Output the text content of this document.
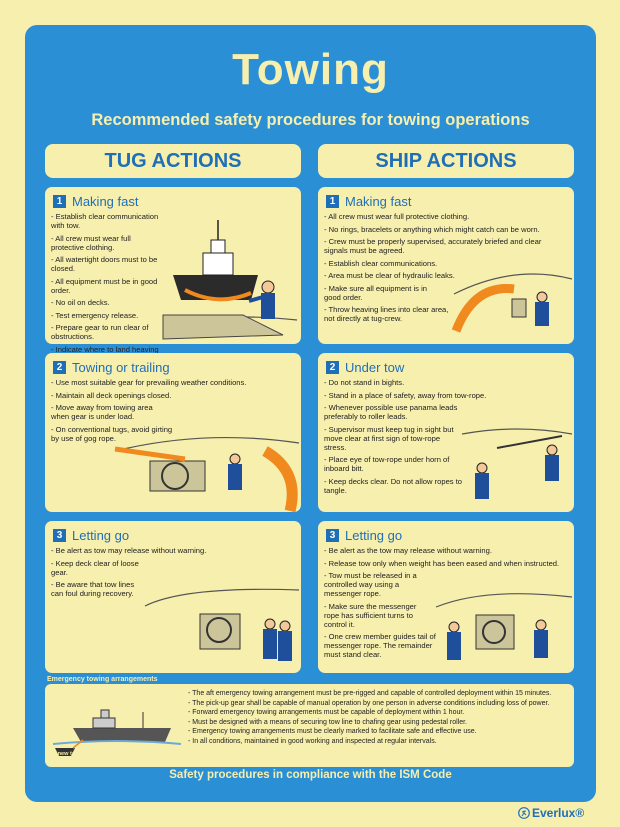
Towing
Recommended safety procedures for towing operations
TUG ACTIONS	SHIP ACTIONS
1 Making fast
- Establish clear communication with tow.
- All crew must wear full protective clothing.
- All watertight doors must to be closed.
- All equipment must be in good order.
- No oil on decks.
- Test emergency release.
- Prepare gear to run clear of obstructions.
- Indicate where to land heaving
1 Making fast
- All crew must wear full protective clothing.
- No rings, bracelets or anything which might catch can be worn.
- Crew must be properly supervised, accurately briefed and clear signals must be agreed.
- Establish clear communications.
- Area must be clear of hydraulic leaks.
- Make sure all equipment is in good order.
- Throw heaving lines into clear area, not directly at tug-crew.
2 Towing or trailing
- Use most suitable gear for prevailing weather conditions.
- Maintain all deck openings closed.
- Move away from towing area when gear is under load.
- On conventional tugs, avoid girting by use of gog rope.
2 Under tow
- Do not stand in bights.
- Stand in a place of safety, away from tow-rope.
- Whenever possible use panama leads preferably to roller leads.
- Supervisor must keep tug in sight but move clear at first sign of tow-rope stress.
- Place eye of tow-rope under horn of inboard bitt.
- Keep decks clear. Do not allow ropes to tangle.
3 Letting go
- Be alert as tow may release without warning.
- Keep deck clear of loose gear.
- Be aware that tow lines can foul during recovery.
3 Letting go
- Be alert as the tow may release without warning.
- Release tow only when weight has been eased and when instructed.
- Tow must be released in a controlled way using a messenger rope.
- Make sure the messenger rope has sufficient turns to control it.
- One crew member guides tail of messenger rope. The remainder must stand clear.
Emergency towing arrangements
- The aft emergency towing arrangement must be pre-rigged and capable of controlled deployment within 15 minutes.
- The pick-up gear shall be capable of manual operation by one person in adverse conditions including loss of power.
- Forward emergency towing arrangements must be capable of deployment within 1 hour.
- Must be designed with a means of securing tow line to chafing gear using pedestal roller.
- Emergency towing arrangements must be clearly marked to facilitate safe and effective use.
- In all conditions, maintained in good working and inspected at regular intervals.
For new tankers over 20,000 tonnes - SOLAS 2004 Edition Chapter II-1/3-4
For existing tankers built before July 2002 - IMO Resolution MSC 35/63 as may be amended.
Safety procedures in compliance with the ISM Code
Everlux®
